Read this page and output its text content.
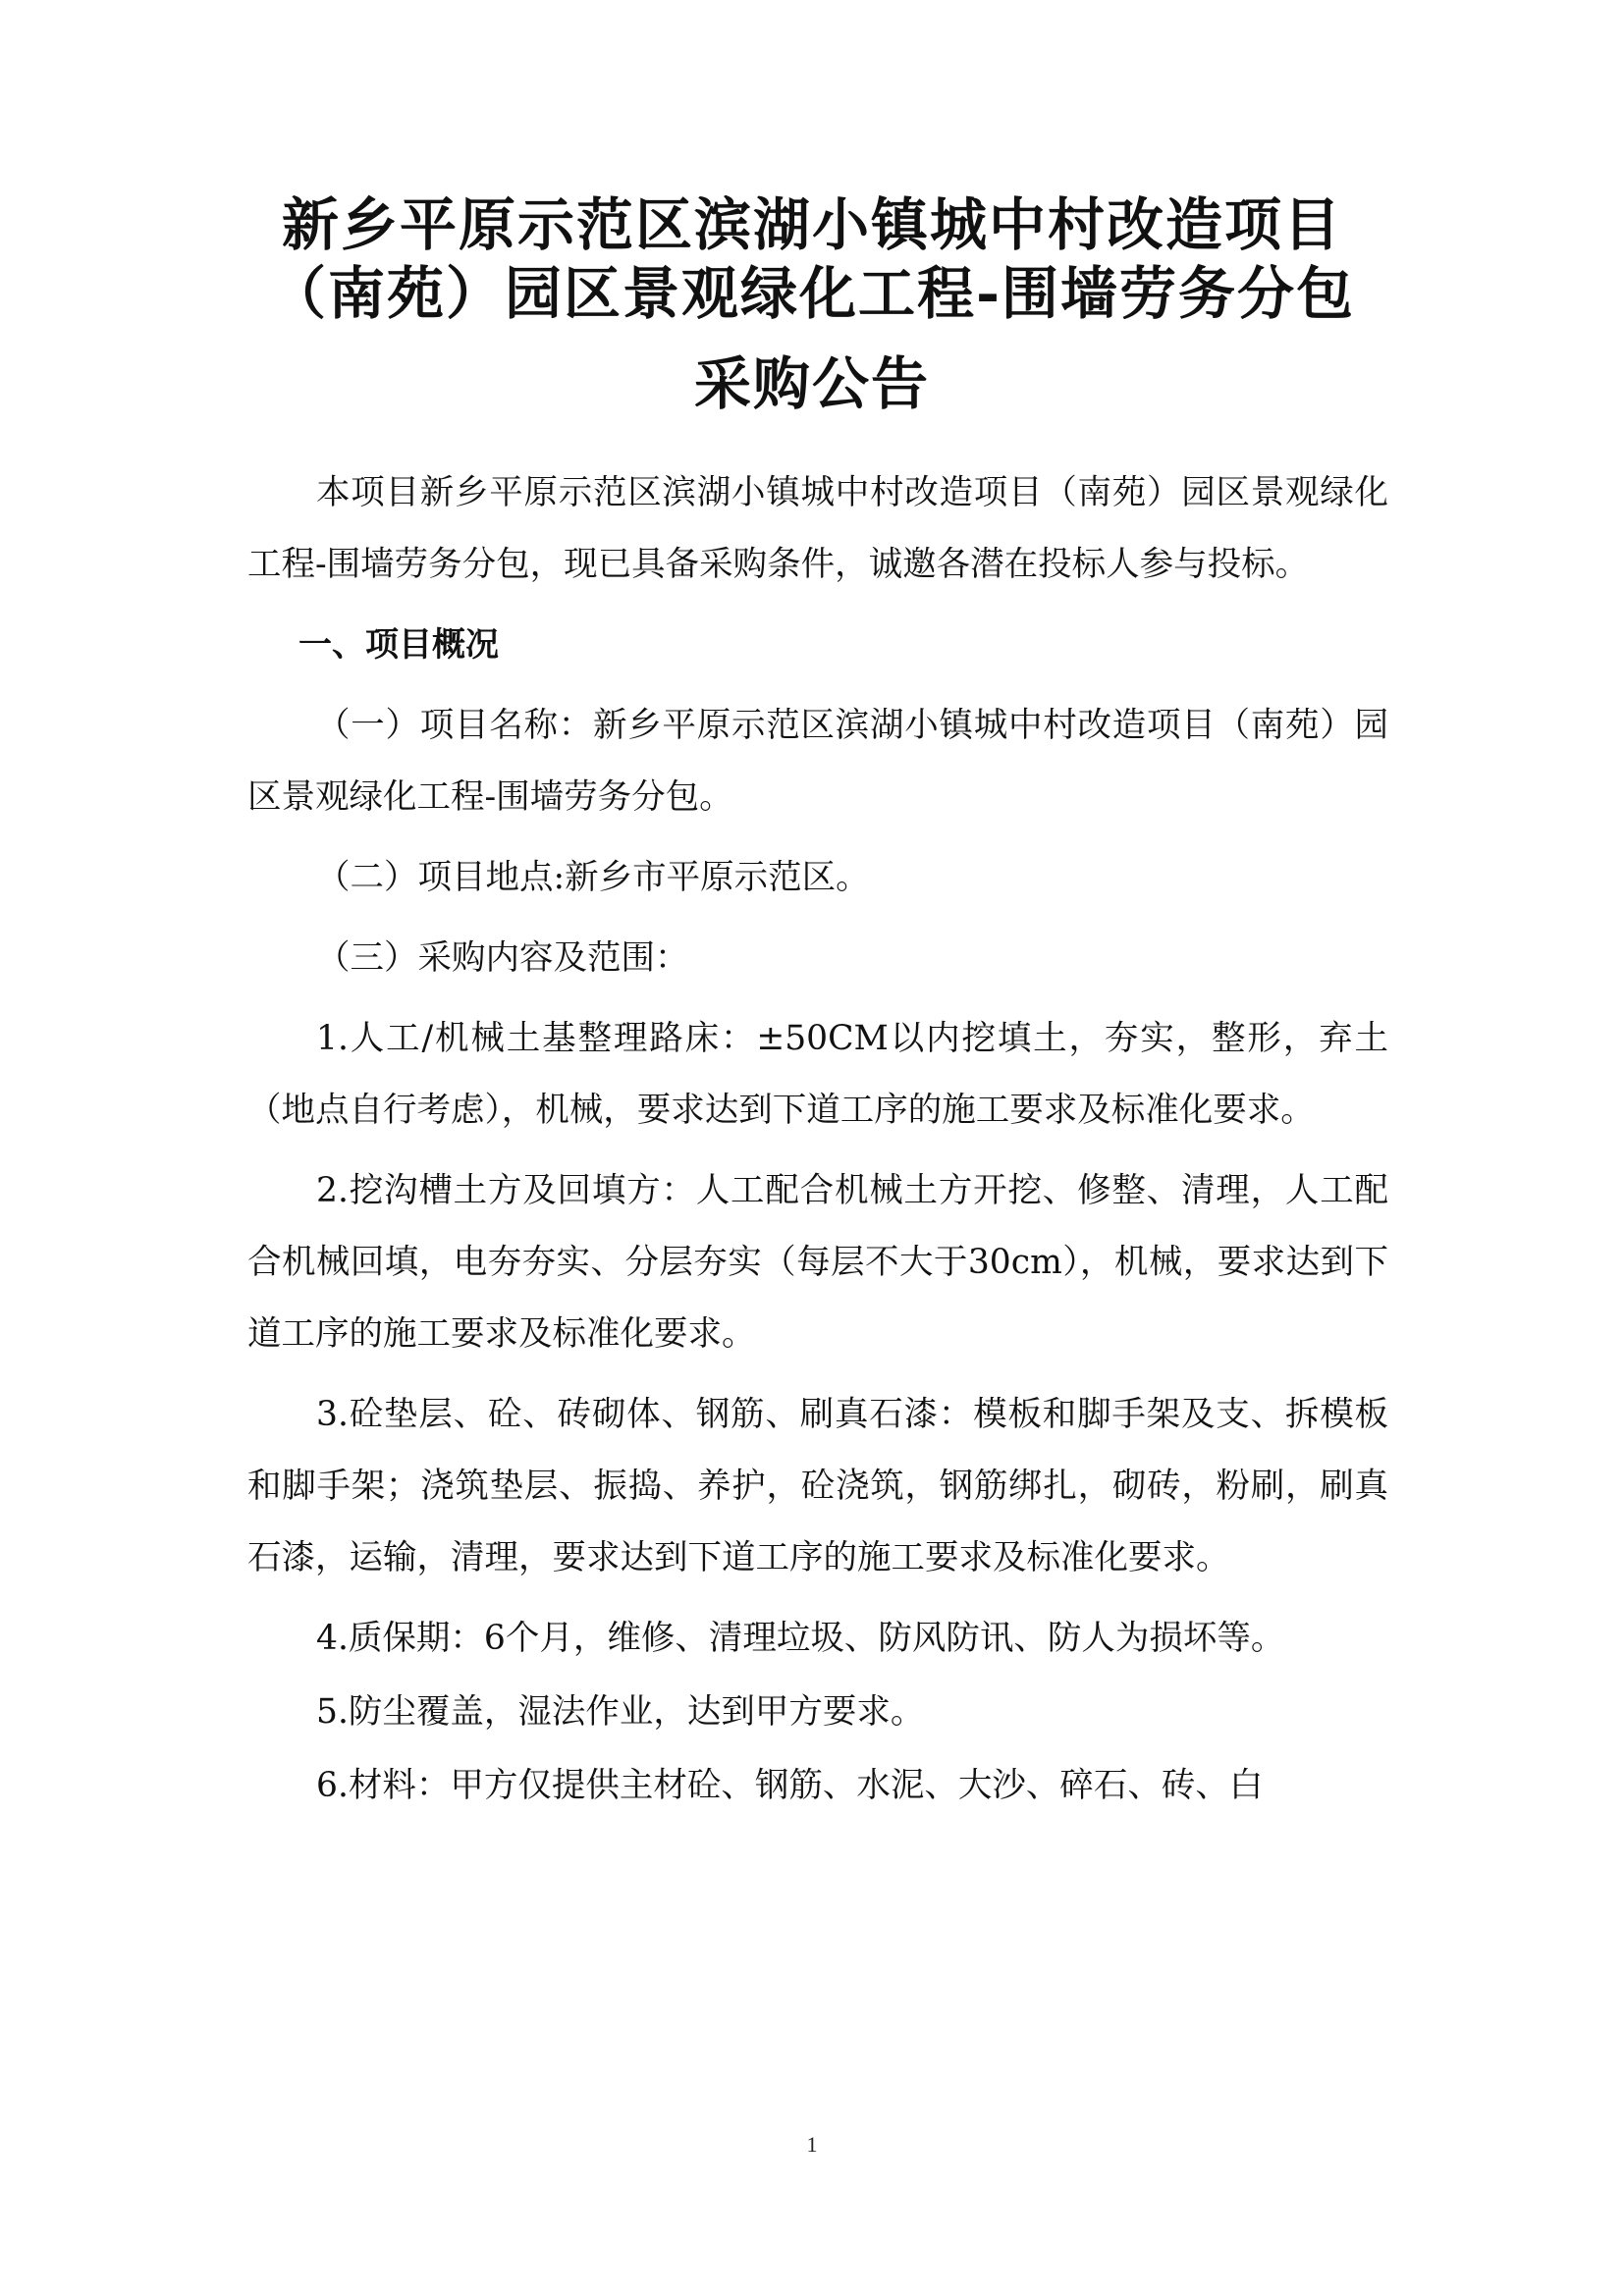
新乡平原示范区滨湖小镇城中村改造项目
（南苑）园区景观绿化工程-围墙劳务分包
采购公告

本项目新乡平原示范区滨湖小镇城中村改造项目（南苑）园区景观绿化工程-围墙劳务分包，现已具备采购条件，诚邀各潜在投标人参与投标。

一、项目概况

（一）项目名称：新乡平原示范区滨湖小镇城中村改造项目（南苑）园区景观绿化工程-围墙劳务分包。

（二）项目地点:新乡市平原示范区。

（三）采购内容及范围：

1.人工/机械土基整理路床：±50CM以内挖填土，夯实，整形，弃土（地点自行考虑），机械，要求达到下道工序的施工要求及标准化要求。

2.挖沟槽土方及回填方：人工配合机械土方开挖、修整、清理，人工配合机械回填，电夯夯实、分层夯实（每层不大于30cm），机械，要求达到下道工序的施工要求及标准化要求。

3.砼垫层、砼、砖砌体、钢筋、刷真石漆：模板和脚手架及支、拆模板和脚手架；浇筑垫层、振捣、养护，砼浇筑，钢筋绑扎，砌砖，粉刷，刷真石漆，运输，清理，要求达到下道工序的施工要求及标准化要求。

4.质保期：6个月，维修、清理垃圾、防风防讯、防人为损坏等。

5.防尘覆盖，湿法作业，达到甲方要求。

6.材料：甲方仅提供主材砼、钢筋、水泥、大沙、碎石、砖、白

1
